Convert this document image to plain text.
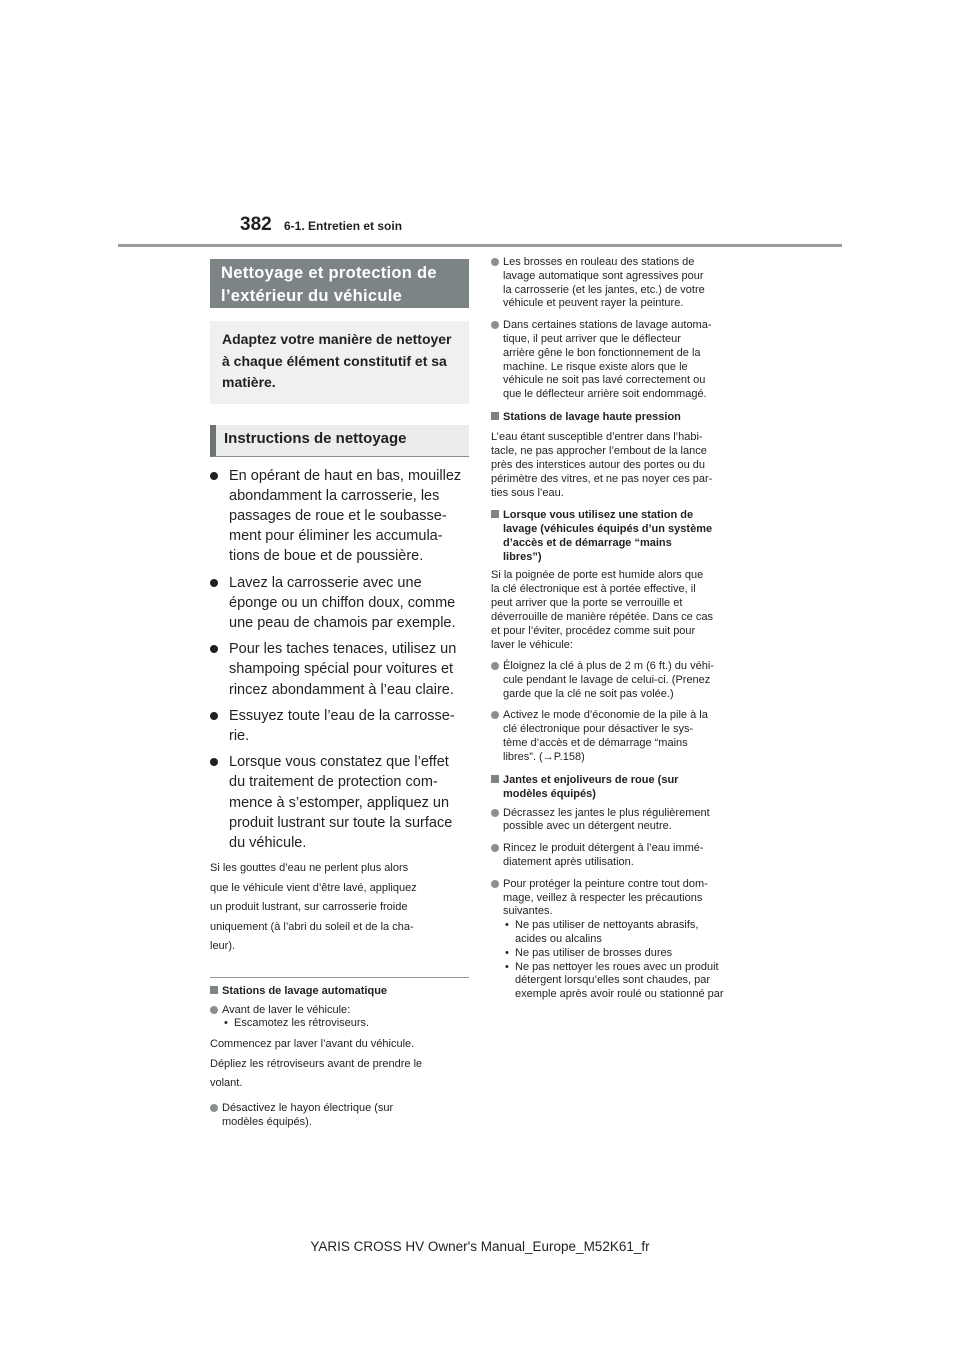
382 6-1. Entretien et soin
Nettoyage et protection de
l’extérieur du véhicule
Adaptez votre manière de nettoyer
à chaque élément constitutif et sa
matière.
Instructions de nettoyage
En opérant de haut en bas, mouillez
abondamment la carrosserie, les
passages de roue et le soubasse-
ment pour éliminer les accumula-
tions de boue et de poussière.
Lavez la carrosserie avec une
éponge ou un chiffon doux, comme
une peau de chamois par exemple.
Pour les taches tenaces, utilisez un
shampoing spécial pour voitures et
rincez abondamment à l’eau claire.
Essuyez toute l’eau de la carrosse-
rie.
Lorsque vous constatez que l’effet
du traitement de protection com-
mence à s’estomper, appliquez un
produit lustrant sur toute la surface
du véhicule.
Si les gouttes d’eau ne perlent plus alors
que le véhicule vient d’être lavé, appliquez
un produit lustrant, sur carrosserie froide
uniquement (à l’abri du soleil et de la cha-
leur).
Stations de lavage automatique
Avant de laver le véhicule:
• Escamotez les rétroviseurs.
Commencez par laver l’avant du véhicule.
Dépliez les rétroviseurs avant de prendre le
volant.
Désactivez le hayon électrique (sur
modèles équipés).
Les brosses en rouleau des stations de
lavage automatique sont agressives pour
la carrosserie (et les jantes, etc.) de votre
véhicule et peuvent rayer la peinture.
Dans certaines stations de lavage automa-
tique, il peut arriver que le déflecteur
arrière gêne le bon fonctionnement de la
machine. Le risque existe alors que le
véhicule ne soit pas lavé correctement ou
que le déflecteur arrière soit endommagé.
Stations de lavage haute pression
L’eau étant susceptible d’entrer dans l’habi-
tacle, ne pas approcher l’embout de la lance
près des interstices autour des portes ou du
périmètre des vitres, et ne pas noyer ces par-
ties sous l’eau.
Lorsque vous utilisez une station de
lavage (véhicules équipés d’un système
d’accès et de démarrage “mains
libres”)
Si la poignée de porte est humide alors que
la clé électronique est à portée effective, il
peut arriver que la porte se verrouille et
déverrouille de manière répétée. Dans ce cas
et pour l’éviter, procédez comme suit pour
laver le véhicule:
Éloignez la clé à plus de 2 m (6 ft.) du véhi-
cule pendant le lavage de celui-ci. (Prenez
garde que la clé ne soit pas volée.)
Activez le mode d’économie de la pile à la
clé électronique pour désactiver le sys-
tème d’accès et de démarrage “mains
libres”. (→P.158)
Jantes et enjoliveurs de roue (sur
modèles équipés)
Décrassez les jantes le plus régulièrement
possible avec un détergent neutre.
Rincez le produit détergent à l’eau immé-
diatement après utilisation.
Pour protéger la peinture contre tout dom-
mage, veillez à respecter les précautions
suivantes.
• Ne pas utiliser de nettoyants abrasifs,
acides ou alcalins
• Ne pas utiliser de brosses dures
• Ne pas nettoyer les roues avec un produit
détergent lorsqu’elles sont chaudes, par
exemple après avoir roulé ou stationné par
YARIS CROSS HV Owner's Manual_Europe_M52K61_fr
